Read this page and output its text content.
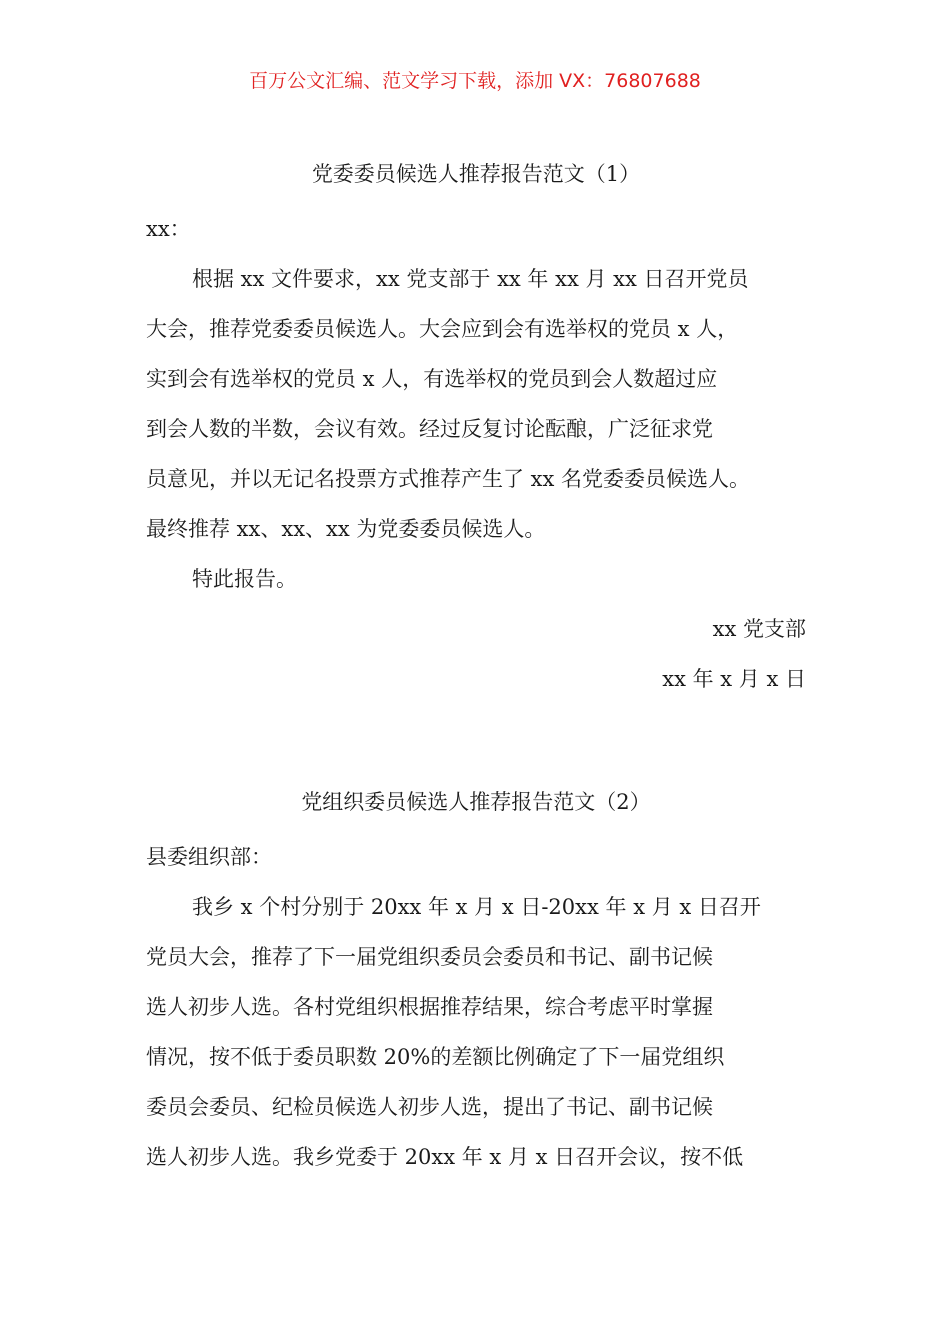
百万公文汇编、范文学习下载，添加 VX：76807688
党委委员候选人推荐报告范文（1）
xx：
根据 xx 文件要求，xx 党支部于 xx 年 xx 月 xx 日召开党员
大会，推荐党委委员候选人。大会应到会有选举权的党员 x 人，
实到会有选举权的党员 x 人，有选举权的党员到会人数超过应
到会人数的半数，会议有效。经过反复讨论酝酿，广泛征求党
员意见，并以无记名投票方式推荐产生了 xx 名党委委员候选人。
最终推荐 xx、xx、xx 为党委委员候选人。
特此报告。
xx 党支部
xx 年 x 月 x 日
党组织委员候选人推荐报告范文（2）
县委组织部：
我乡 x 个村分别于 20xx 年 x 月 x 日-20xx 年 x 月 x 日召开
党员大会，推荐了下一届党组织委员会委员和书记、副书记候
选人初步人选。各村党组织根据推荐结果，综合考虑平时掌握
情况，按不低于委员职数 20%的差额比例确定了下一届党组织
委员会委员、纪检员候选人初步人选，提出了书记、副书记候
选人初步人选。我乡党委于 20xx 年 x 月 x 日召开会议，按不低
